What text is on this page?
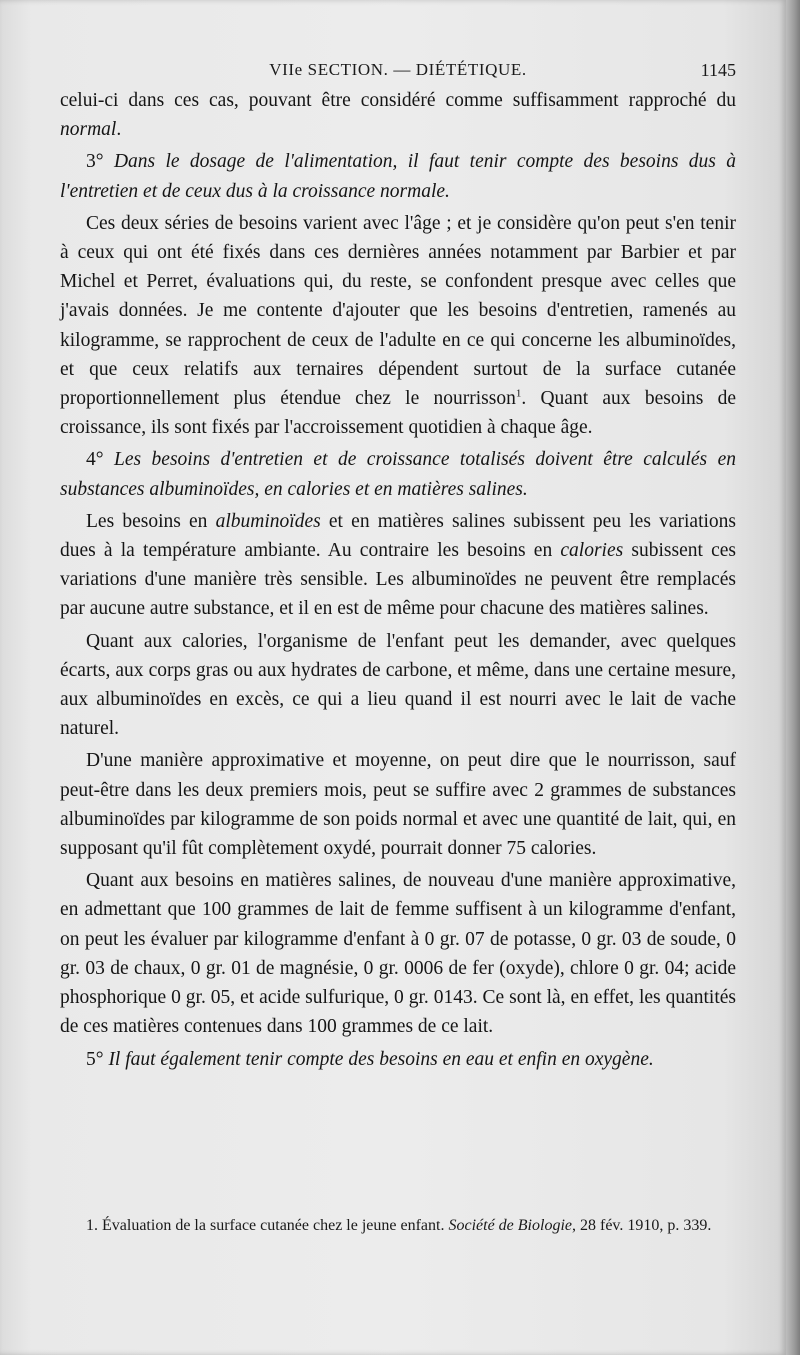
VIIe SECTION. — DIÉTÉTIQUE.	1145

celui-ci dans ces cas, pouvant être considéré comme suffisamment rapproché du normal.

3° Dans le dosage de l'alimentation, il faut tenir compte des besoins dus à l'entretien et de ceux dus à la croissance normale.

Ces deux séries de besoins varient avec l'âge ; et je considère qu'on peut s'en tenir à ceux qui ont été fixés dans ces dernières années notamment par Barbier et par Michel et Perret, évaluations qui, du reste, se confondent presque avec celles que j'avais données. Je me contente d'ajouter que les besoins d'entretien, ramenés au kilogramme, se rapprochent de ceux de l'adulte en ce qui concerne les albuminoïdes, et que ceux relatifs aux ternaires dépendent surtout de la surface cutanée proportionnellement plus étendue chez le nourrisson$^1$. Quant aux besoins de croissance, ils sont fixés par l'accroissement quotidien à chaque âge.

4° Les besoins d'entretien et de croissance totalisés doivent être calculés en substances albuminoïdes, en calories et en matières salines.

Les besoins en albuminoïdes et en matières salines subissent peu les variations dues à la température ambiante. Au contraire les besoins en calories subissent ces variations d'une manière très sensible. Les albuminoïdes ne peuvent être remplacés par aucune autre substance, et il en est de même pour chacune des matières salines.

Quant aux calories, l'organisme de l'enfant peut les demander, avec quelques écarts, aux corps gras ou aux hydrates de carbone, et même, dans une certaine mesure, aux albuminoïdes en excès, ce qui a lieu quand il est nourri avec le lait de vache naturel.

D'une manière approximative et moyenne, on peut dire que le nourrisson, sauf peut-être dans les deux premiers mois, peut se suffire avec 2 grammes de substances albuminoïdes par kilogramme de son poids normal et avec une quantité de lait, qui, en supposant qu'il fût complètement oxydé, pourrait donner 75 calories.

Quant aux besoins en matières salines, de nouveau d'une manière approximative, en admettant que 100 grammes de lait de femme suffisent à un kilogramme d'enfant, on peut les évaluer par kilogramme d'enfant à 0 gr. 07 de potasse, 0 gr. 03 de soude, 0 gr. 03 de chaux, 0 gr. 01 de magnésie, 0 gr. 0006 de fer (oxyde), chlore 0 gr. 04; acide phosphorique 0 gr. 05, et acide sulfurique, 0 gr. 0143. Ce sont là, en effet, les quantités de ces matières contenues dans 100 grammes de ce lait.

5° Il faut également tenir compte des besoins en eau et enfin en oxygène.

1. Évaluation de la surface cutanée chez le jeune enfant. Société de Biologie, 28 fév. 1910, p. 339.
